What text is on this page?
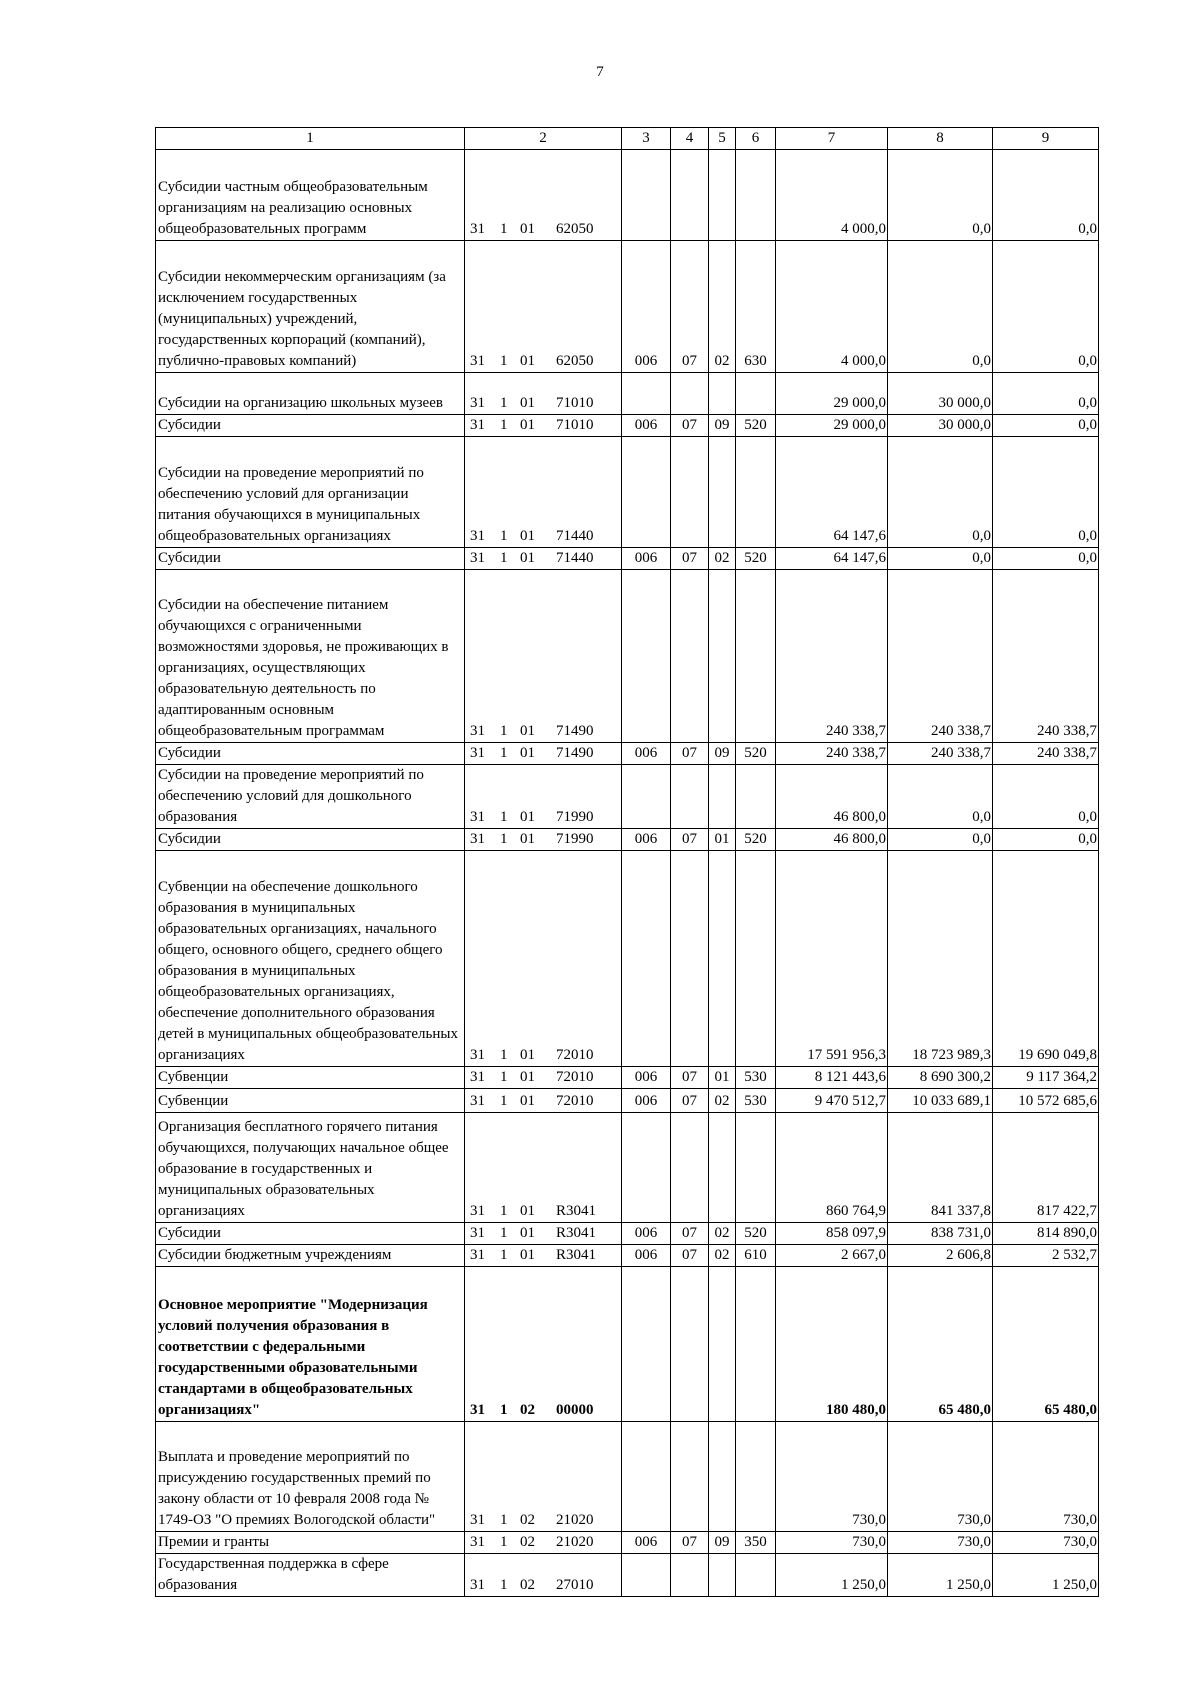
7
1	2	3	4	5	6	7	8	9
Субсидии частным общеобразовательным организациям на реализацию основных общеобразовательных программ	31 1 01 62050					4 000,0	0,0	0,0
Субсидии некоммерческим организациям (за исключением государственных (муниципальных) учреждений, государственных корпораций (компаний), публично-правовых компаний)	31 1 01 62050	006	07	02	630	4 000,0	0,0	0,0
Субсидии на организацию школьных музеев	31 1 01 71010					29 000,0	30 000,0	0,0
Субсидии	31 1 01 71010	006	07	09	520	29 000,0	30 000,0	0,0
Субсидии на проведение мероприятий по обеспечению условий для организации питания обучающихся в муниципальных общеобразовательных организациях	31 1 01 71440					64 147,6	0,0	0,0
Субсидии	31 1 01 71440	006	07	02	520	64 147,6	0,0	0,0
Субсидии на обеспечение питанием обучающихся с ограниченными возможностями здоровья, не проживающих в организациях, осуществляющих образовательную деятельность по адаптированным основным общеобразовательным программам	31 1 01 71490					240 338,7	240 338,7	240 338,7
Субсидии	31 1 01 71490	006	07	09	520	240 338,7	240 338,7	240 338,7
Субсидии на проведение мероприятий по обеспечению условий для дошкольного образования	31 1 01 71990					46 800,0	0,0	0,0
Субсидии	31 1 01 71990	006	07	01	520	46 800,0	0,0	0,0
Субвенции на обеспечение дошкольного образования в муниципальных образовательных организациях, начального общего, основного общего, среднего общего образования в муниципальных общеобразовательных организациях, обеспечение дополнительного образования детей в муниципальных общеобразовательных организациях	31 1 01 72010					17 591 956,3	18 723 989,3	19 690 049,8
Субвенции	31 1 01 72010	006	07	01	530	8 121 443,6	8 690 300,2	9 117 364,2
Субвенции	31 1 01 72010	006	07	02	530	9 470 512,7	10 033 689,1	10 572 685,6
Организация бесплатного горячего питания обучающихся, получающих начальное общее образование в государственных и муниципальных образовательных организациях	31 1 01 R3041					860 764,9	841 337,8	817 422,7
Субсидии	31 1 01 R3041	006	07	02	520	858 097,9	838 731,0	814 890,0
Субсидии бюджетным учреждениям	31 1 01 R3041	006	07	02	610	2 667,0	2 606,8	2 532,7
Основное мероприятие "Модернизация условий получения образования в соответствии с федеральными государственными образовательными стандартами в общеобразовательных организациях"	31 1 02 00000					180 480,0	65 480,0	65 480,0
Выплата и проведение мероприятий по присуждению государственных премий по закону области от 10 февраля 2008 года № 1749-ОЗ "О премиях Вологодской области"	31 1 02 21020					730,0	730,0	730,0
Премии и гранты	31 1 02 21020	006	07	09	350	730,0	730,0	730,0
Государственная поддержка в сфере образования	31 1 02 27010					1 250,0	1 250,0	1 250,0
